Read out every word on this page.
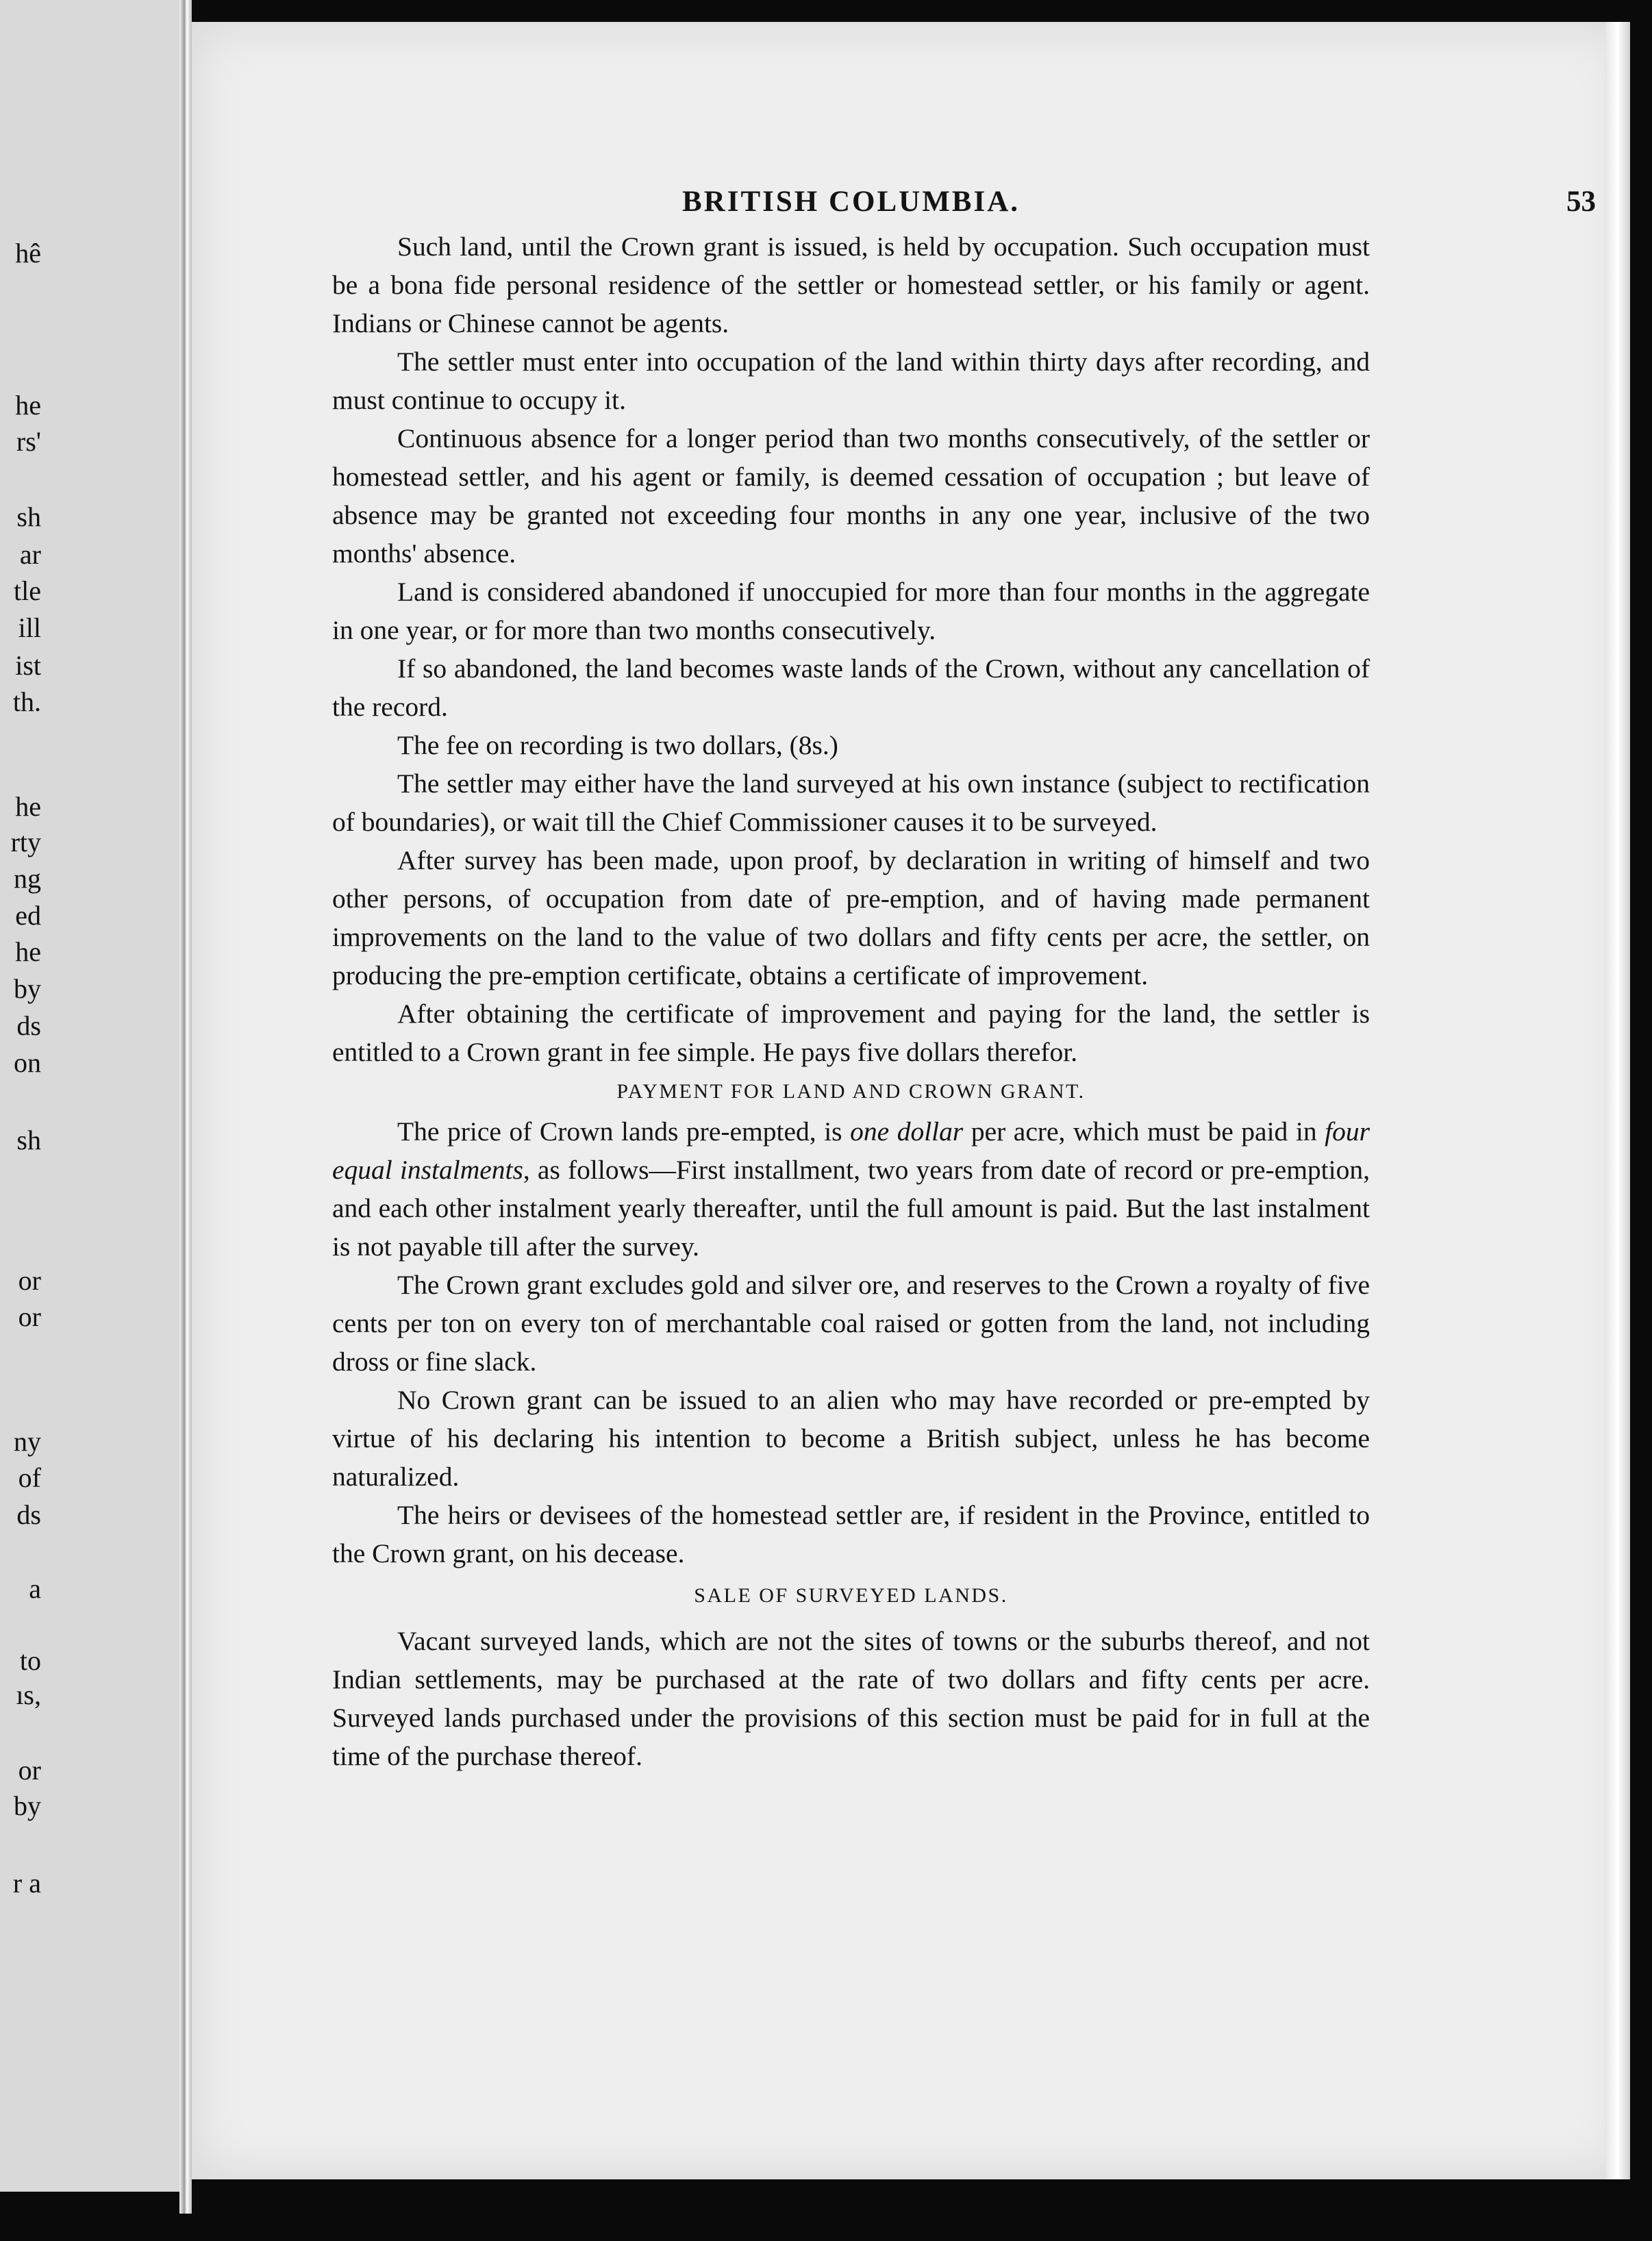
hê
he
rs'
sh
ar
tle
ill
ist
th.
he
rty
ng
ed
he
by
ds
on
sh
or
or
ny
of
ds
a
to
ıs,
or
by
r a
BRITISH COLUMBIA.	53

Such land, until the Crown grant is issued, is held by occupation. Such occupation must be a bona fide personal residence of the settler or homestead settler, or his family or agent. Indians or Chinese cannot be agents.

The settler must enter into occupation of the land within thirty days after recording, and must continue to occupy it.

Continuous absence for a longer period than two months consecutively, of the settler or homestead settler, and his agent or family, is deemed cessation of occupation ; but leave of absence may be granted not exceeding four months in any one year, inclusive of the two months' absence.

Land is considered abandoned if unoccupied for more than four months in the aggregate in one year, or for more than two months consecutively.

If so abandoned, the land becomes waste lands of the Crown, without any cancellation of the record.

The fee on recording is two dollars, (8s.)

The settler may either have the land surveyed at his own instance (subject to rectification of boundaries), or wait till the Chief Commissioner causes it to be surveyed.

After survey has been made, upon proof, by declaration in writing of himself and two other persons, of occupation from date of pre-emption, and of having made permanent improvements on the land to the value of two dollars and fifty cents per acre, the settler, on producing the pre-emption certificate, obtains a certificate of improvement.

After obtaining the certificate of improvement and paying for the land, the settler is entitled to a Crown grant in fee simple. He pays five dollars therefor.

PAYMENT FOR LAND AND CROWN GRANT.

The price of Crown lands pre-empted, is one dollar per acre, which must be paid in four equal instalments, as follows—First installment, two years from date of record or pre-emption, and each other instalment yearly thereafter, until the full amount is paid. But the last instalment is not payable till after the survey.

The Crown grant excludes gold and silver ore, and reserves to the Crown a royalty of five cents per ton on every ton of merchantable coal raised or gotten from the land, not including dross or fine slack.

No Crown grant can be issued to an alien who may have recorded or pre-empted by virtue of his declaring his intention to become a British subject, unless he has become naturalized.

The heirs or devisees of the homestead settler are, if resident in the Province, entitled to the Crown grant, on his decease.

SALE OF SURVEYED LANDS.

Vacant surveyed lands, which are not the sites of towns or the suburbs thereof, and not Indian settlements, may be purchased at the rate of two dollars and fifty cents per acre. Surveyed lands purchased under the provisions of this section must be paid for in full at the time of the purchase thereof.
